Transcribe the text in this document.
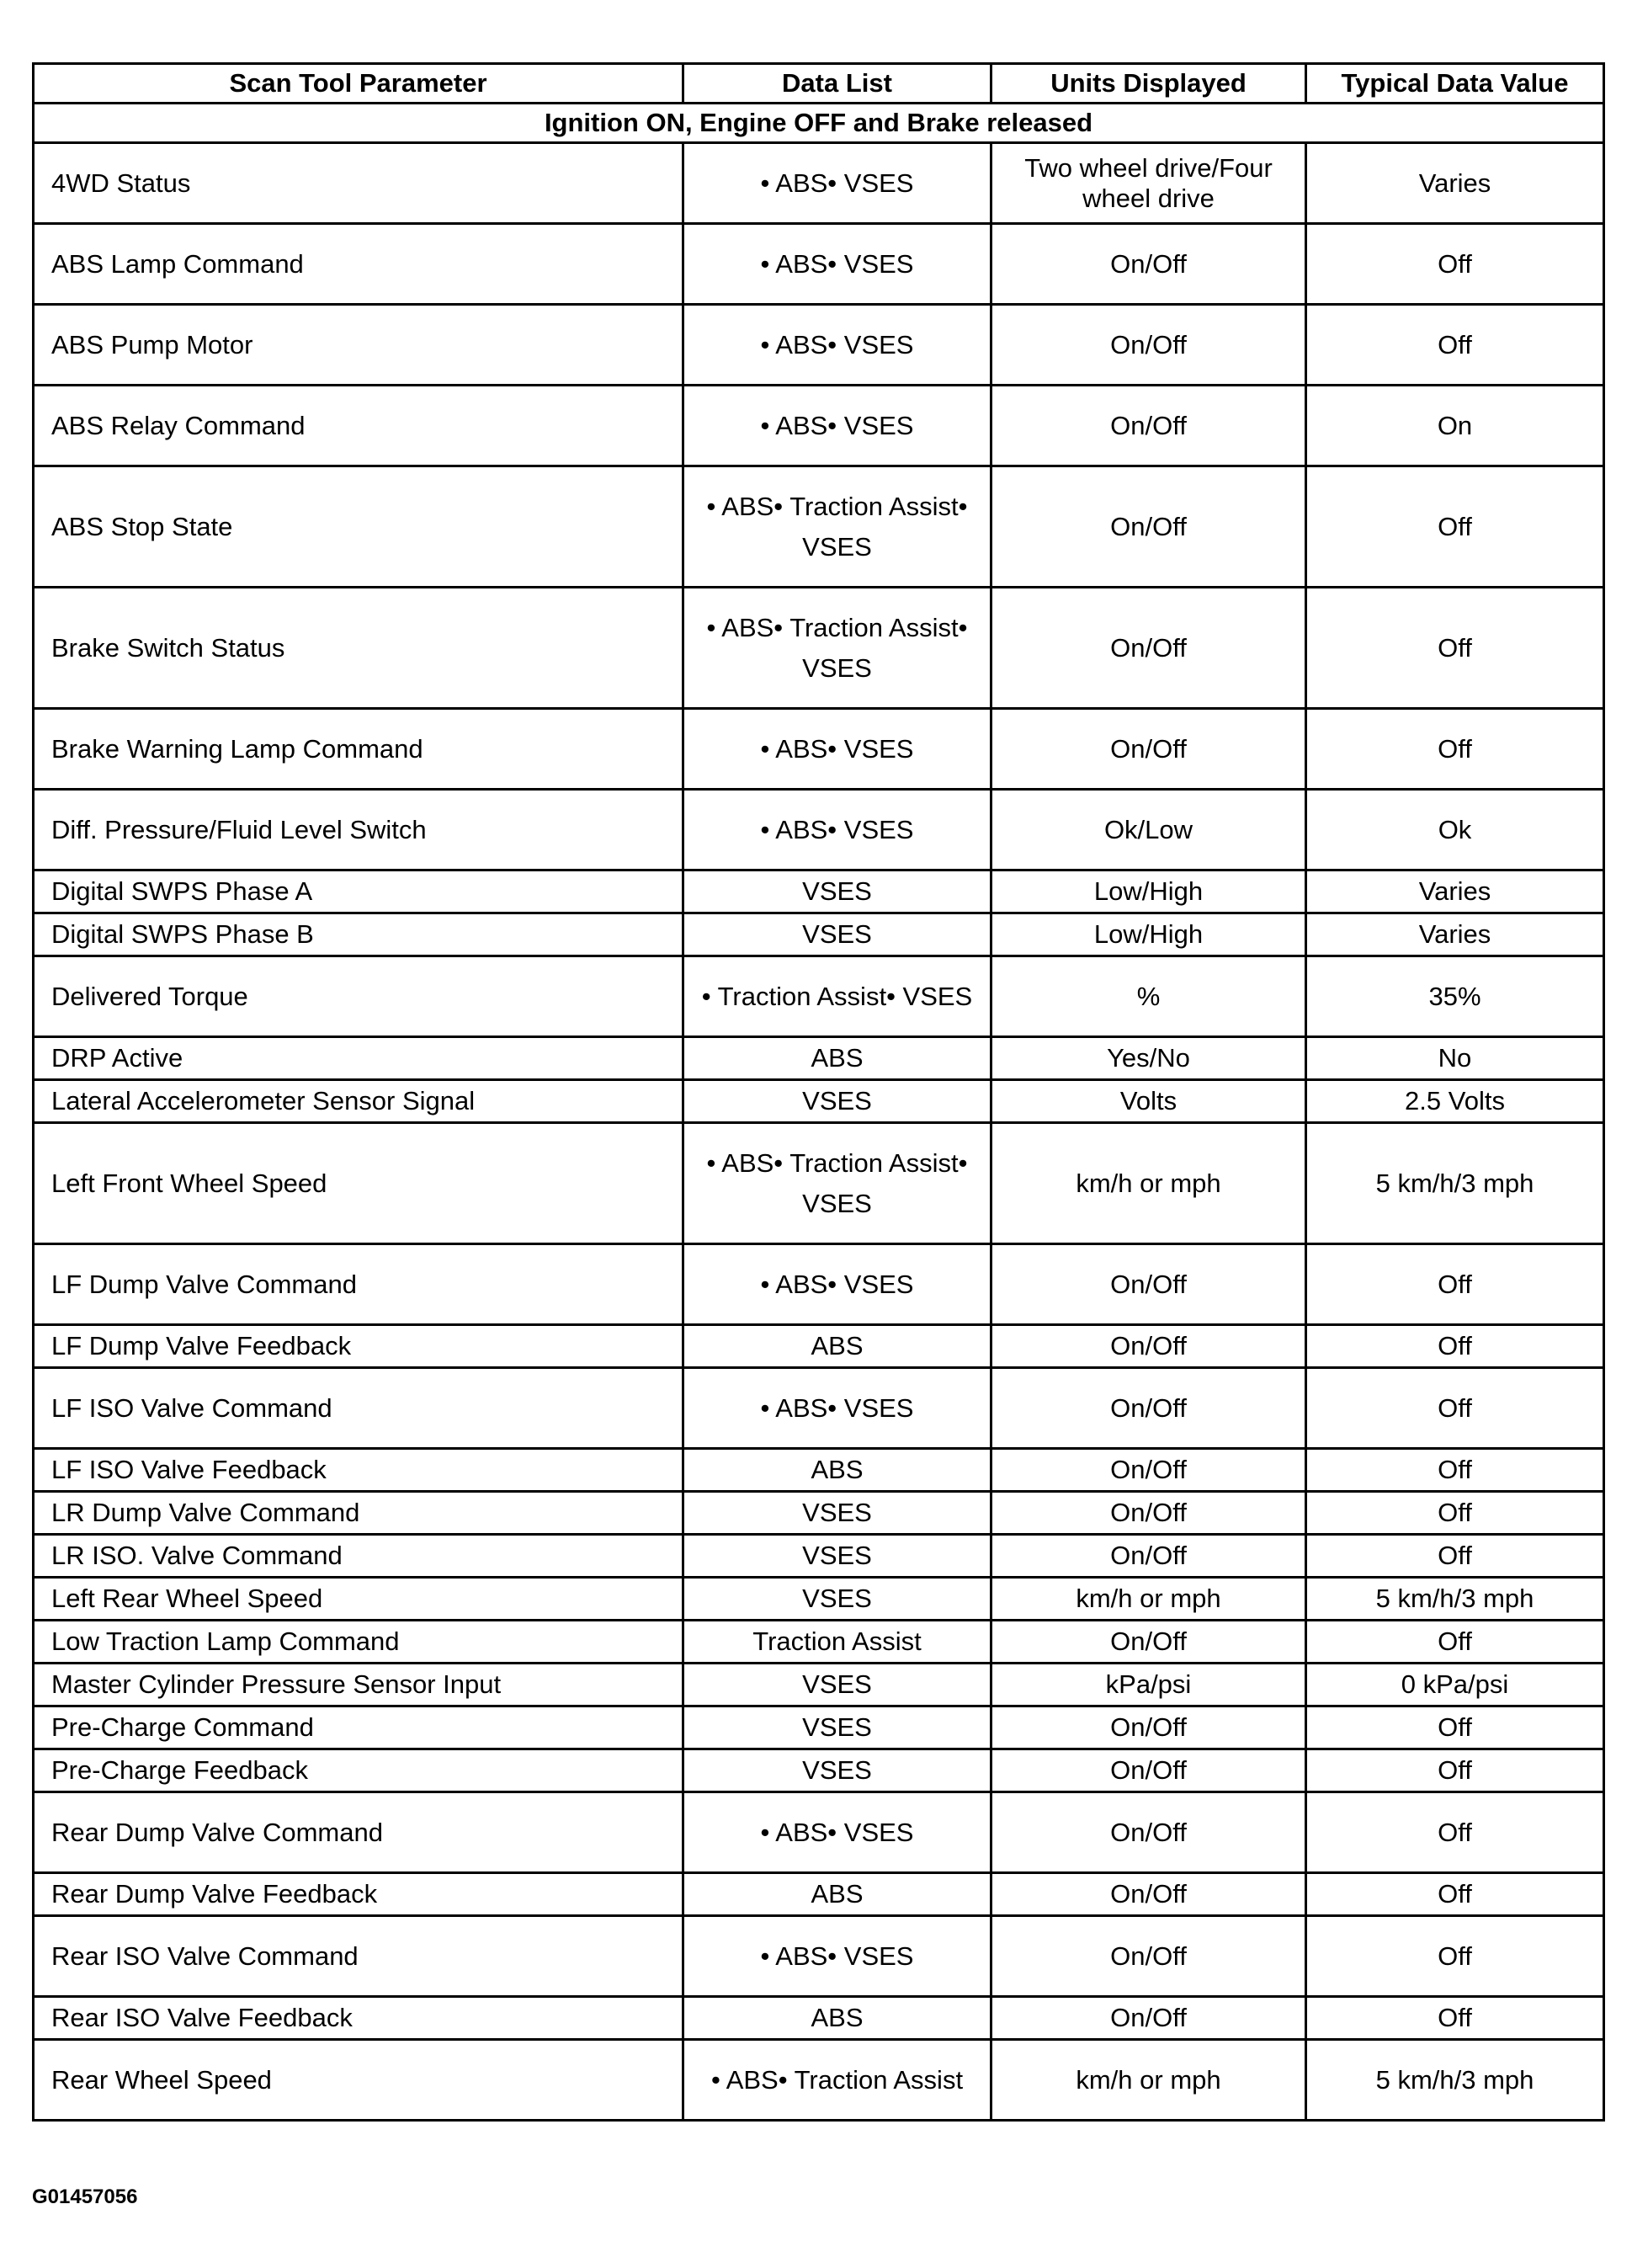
Scan Tool Parameter	Data List	Units Displayed	Typical Data Value
Ignition ON, Engine OFF and Brake released			
4WD Status	• ABS• VSES	Two wheel drive/Four wheel drive	Varies
ABS Lamp Command	• ABS• VSES	On/Off	Off
ABS Pump Motor	• ABS• VSES	On/Off	Off
ABS Relay Command	• ABS• VSES	On/Off	On
ABS Stop State	• ABS• Traction Assist• VSES	On/Off	Off
Brake Switch Status	• ABS• Traction Assist• VSES	On/Off	Off
Brake Warning Lamp Command	• ABS• VSES	On/Off	Off
Diff. Pressure/Fluid Level Switch	• ABS• VSES	Ok/Low	Ok
Digital SWPS Phase A	VSES	Low/High	Varies
Digital SWPS Phase B	VSES	Low/High	Varies
Delivered Torque	• Traction Assist• VSES	%	35%
DRP Active	ABS	Yes/No	No
Lateral Accelerometer Sensor Signal	VSES	Volts	2.5 Volts
Left Front Wheel Speed	• ABS• Traction Assist• VSES	km/h or mph	5 km/h/3 mph
LF Dump Valve Command	• ABS• VSES	On/Off	Off
LF Dump Valve Feedback	ABS	On/Off	Off
LF ISO Valve Command	• ABS• VSES	On/Off	Off
LF ISO Valve Feedback	ABS	On/Off	Off
LR Dump Valve Command	VSES	On/Off	Off
LR ISO. Valve Command	VSES	On/Off	Off
Left Rear Wheel Speed	VSES	km/h or mph	5 km/h/3 mph
Low Traction Lamp Command	Traction Assist	On/Off	Off
Master Cylinder Pressure Sensor Input	VSES	kPa/psi	0 kPa/psi
Pre-Charge Command	VSES	On/Off	Off
Pre-Charge Feedback	VSES	On/Off	Off
Rear Dump Valve Command	• ABS• VSES	On/Off	Off
Rear Dump Valve Feedback	ABS	On/Off	Off
Rear ISO Valve Command	• ABS• VSES	On/Off	Off
Rear ISO Valve Feedback	ABS	On/Off	Off
Rear Wheel Speed	• ABS• Traction Assist	km/h or mph	5 km/h/3 mph
G01457056
